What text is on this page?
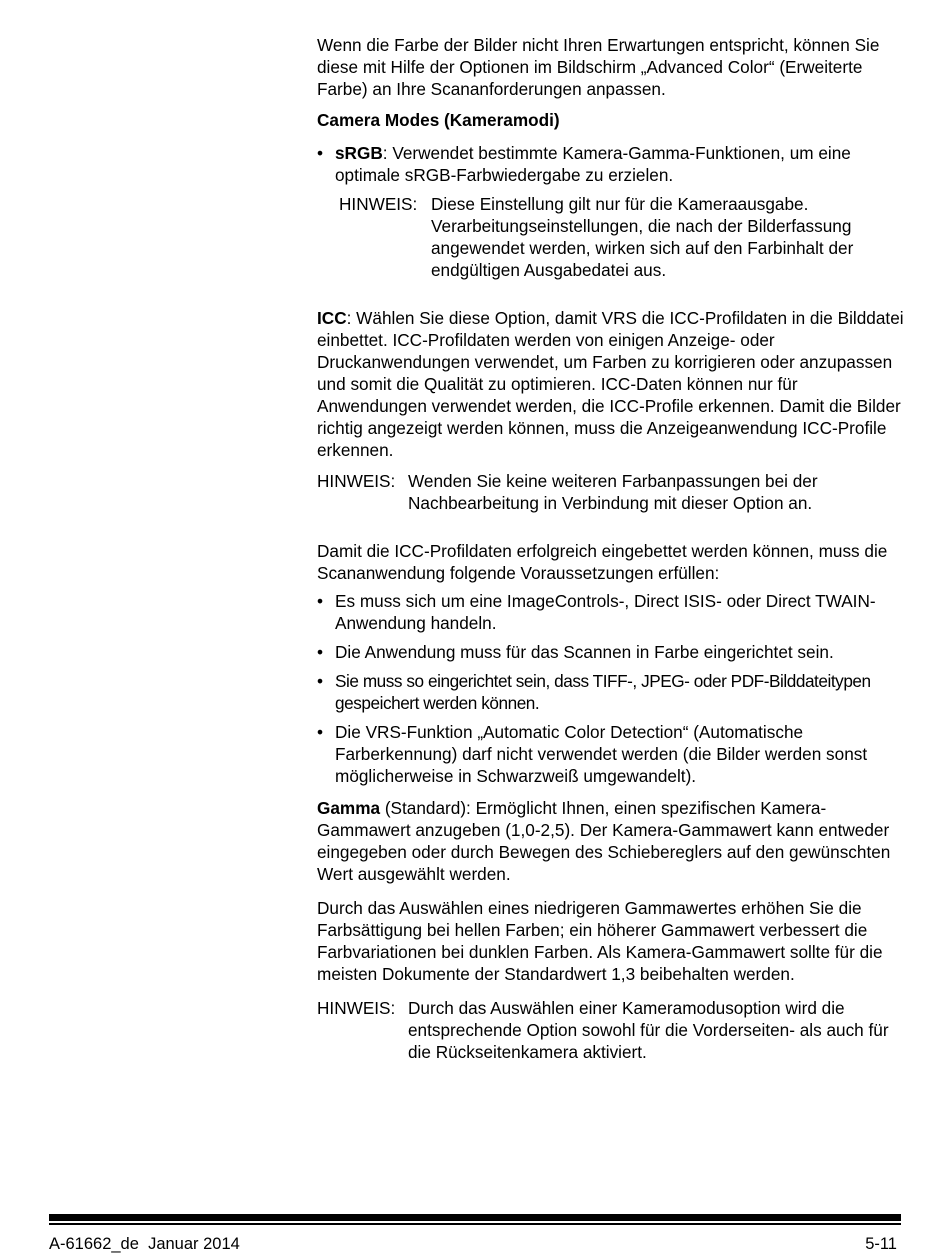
Wenn die Farbe der Bilder nicht Ihren Erwartungen entspricht, können Sie diese mit Hilfe der Optionen im Bildschirm „Advanced Color“ (Erweiterte Farbe) an Ihre Scananforderungen anpassen.

Camera Modes (Kameramodi)

• sRGB: Verwendet bestimmte Kamera-Gamma-Funktionen, um eine optimale sRGB-Farbwiedergabe zu erzielen.
HINWEIS: Diese Einstellung gilt nur für die Kameraausgabe. Verarbeitungseinstellungen, die nach der Bilderfassung angewendet werden, wirken sich auf den Farbinhalt der endgültigen Ausgabedatei aus.

ICC: Wählen Sie diese Option, damit VRS die ICC-Profildaten in die Bilddatei einbettet. ICC-Profildaten werden von einigen Anzeige- oder Druckanwendungen verwendet, um Farben zu korrigieren oder anzupassen und somit die Qualität zu optimieren. ICC-Daten können nur für Anwendungen verwendet werden, die ICC-Profile erkennen. Damit die Bilder richtig angezeigt werden können, muss die Anzeigeanwendung ICC-Profile erkennen.

HINWEIS: Wenden Sie keine weiteren Farbanpassungen bei der Nachbearbeitung in Verbindung mit dieser Option an.

Damit die ICC-Profildaten erfolgreich eingebettet werden können, muss die Scananwendung folgende Voraussetzungen erfüllen:

• Es muss sich um eine ImageControls-, Direct ISIS- oder Direct TWAIN-Anwendung handeln.
• Die Anwendung muss für das Scannen in Farbe eingerichtet sein.
• Sie muss so eingerichtet sein, dass TIFF-, JPEG- oder PDF-Bilddateitypen gespeichert werden können.
• Die VRS-Funktion „Automatic Color Detection“ (Automatische Farberkennung) darf nicht verwendet werden (die Bilder werden sonst möglicherweise in Schwarzweiß umgewandelt).

Gamma (Standard): Ermöglicht Ihnen, einen spezifischen Kamera-Gammawert anzugeben (1,0-2,5). Der Kamera-Gammawert kann entweder eingegeben oder durch Bewegen des Schiebereglers auf den gewünschten Wert ausgewählt werden.

Durch das Auswählen eines niedrigeren Gammawertes erhöhen Sie die Farbsättigung bei hellen Farben; ein höherer Gammawert verbessert die Farbvariationen bei dunklen Farben. Als Kamera-Gammawert sollte für die meisten Dokumente der Standardwert 1,3 beibehalten werden.

HINWEIS: Durch das Auswählen einer Kameramodusoption wird die entsprechende Option sowohl für die Vorderseiten- als auch für die Rückseitenkamera aktiviert.
A-61662_de  Januar 2014	5-11
